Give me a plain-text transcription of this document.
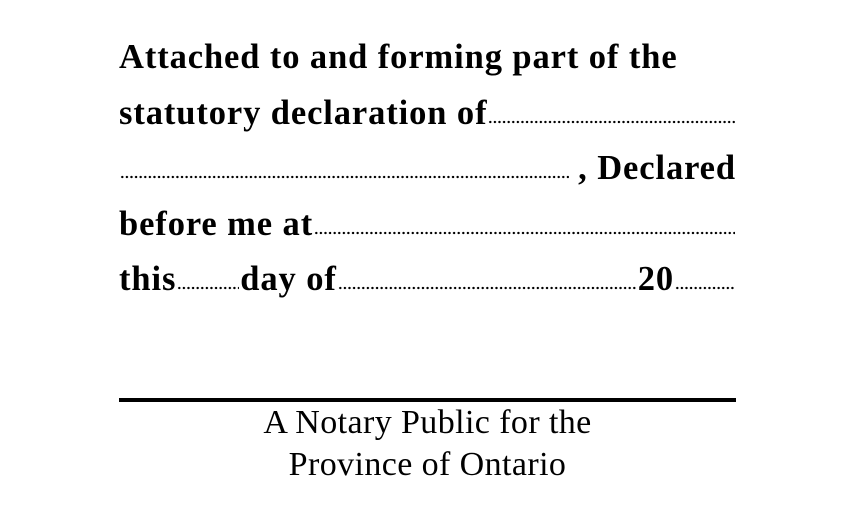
Attached to and forming part of the
statutory declaration of
, Declared
before me at
this day of	20
A Notary Public for the
Province of Ontario
